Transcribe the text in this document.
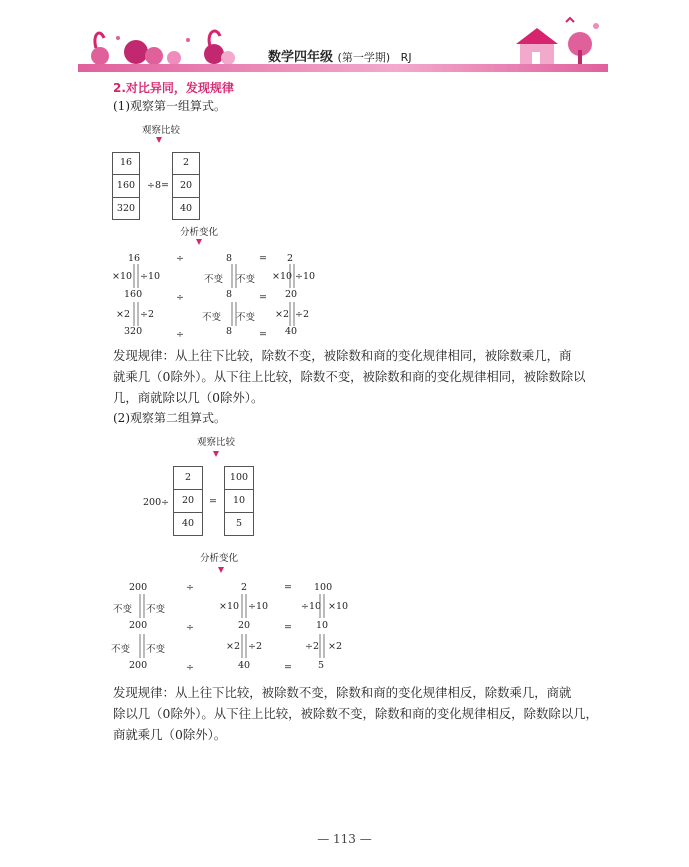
数学四年级 (第一学期) RJ
2.对比异同，发现规律
(1)观察第一组算式。
观察比较
16
160
320
÷8=
2
20
40
分析变化
16	÷	8	= 2
×10 ÷10	不变 不变 ×10 ÷10
160	÷	8	= 20
×2 ÷2	不变 不变 ×2 ÷2
320	÷	8	= 40
发现规律：从上往下比较，除数不变，被除数和商的变化规律相同，被除数乘几，商
就乘几（0除外）。从下往上比较，除数不变，被除数和商的变化规律相同，被除数除以
几，商就除以几（0除外）。
(2)观察第二组算式。
观察比较
200÷
2
20
40
=
100
10
5
分析变化
200	÷	2	= 100
不变 不变	×10 ÷10	÷10 ×10
200	÷	20	=	10
不变 不变	×2 ÷2	÷2 ×2
200	÷	40	=	5
发现规律：从上往下比较，被除数不变，除数和商的变化规律相反，除数乘几，商就
除以几（0除外）。从下往上比较，被除数不变，除数和商的变化规律相反，除数除以几，
商就乘几（0除外）。
— 113 —
